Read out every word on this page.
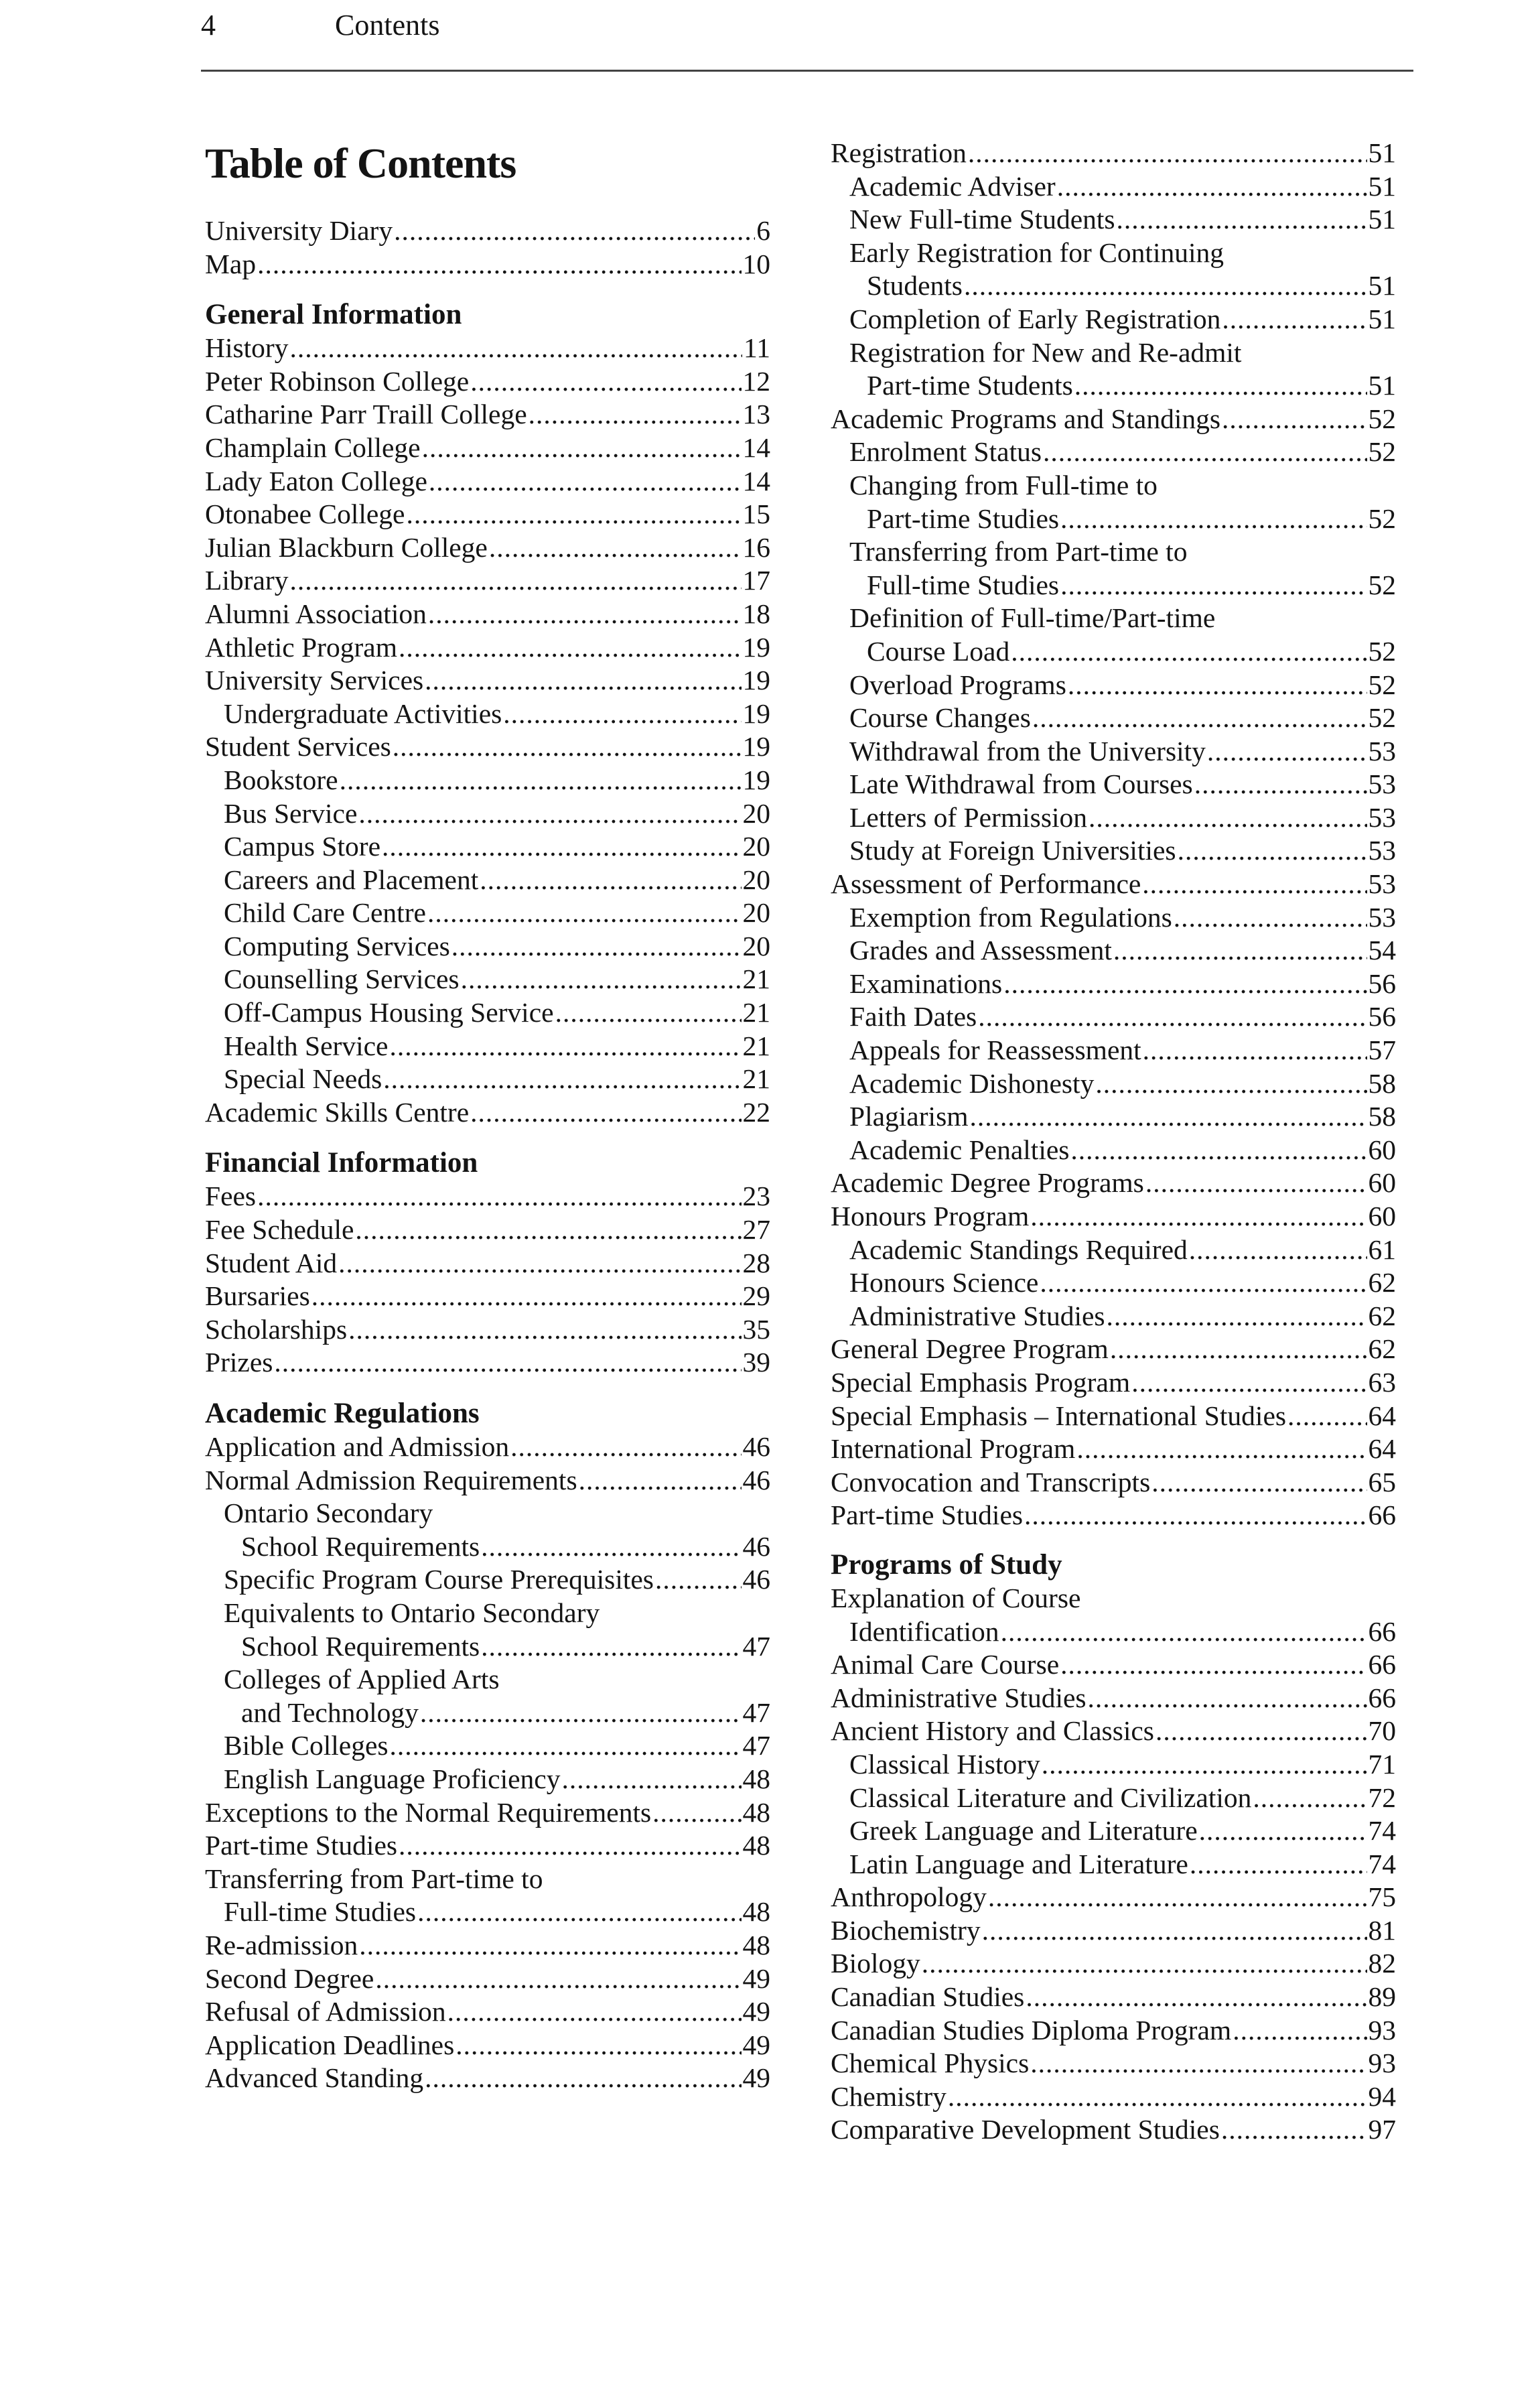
4	Contents
Table of Contents
University Diary .....	6
Map .....	10
General Information
History .....	11
Peter Robinson College .....	12
Catharine Parr Traill College .....	13
Champlain College .....	14
Lady Eaton College .....	14
Otonabee College .....	15
Julian Blackburn College .....	16
Library .....	17
Alumni Association .....	18
Athletic Program .....	19
University Services .....	19
Undergraduate Activities .....	19
Student Services .....	19
Bookstore .....	19
Bus Service .....	20
Campus Store .....	20
Careers and Placement .....	20
Child Care Centre .....	20
Computing Services .....	20
Counselling Services .....	21
Off-Campus Housing Service .....	21
Health Service .....	21
Special Needs .....	21
Academic Skills Centre .....	22
Financial Information
Fees .....	23
Fee Schedule .....	27
Student Aid .....	28
Bursaries .....	29
Scholarships .....	35
Prizes .....	39
Academic Regulations
Application and Admission .....	46
Normal Admission Requirements .....	46
Ontario Secondary
School Requirements .....	46
Specific Program Course Prerequisites .....	46
Equivalents to Ontario Secondary
School Requirements .....	47
Colleges of Applied Arts
and Technology .....	47
Bible Colleges .....	47
English Language Proficiency .....	48
Exceptions to the Normal Requirements .....	48
Part-time Studies .....	48
Transferring from Part-time to
Full-time Studies .....	48
Re-admission .....	48
Second Degree .....	49
Refusal of Admission .....	49
Application Deadlines .....	49
Advanced Standing .....	49
Registration .....	51
Academic Adviser .....	51
New Full-time Students .....	51
Early Registration for Continuing
Students .....	51
Completion of Early Registration .....	51
Registration for New and Re-admit
Part-time Students .....	51
Academic Programs and Standings .....	52
Enrolment Status .....	52
Changing from Full-time to
Part-time Studies .....	52
Transferring from Part-time to
Full-time Studies .....	52
Definition of Full-time/Part-time
Course Load .....	52
Overload Programs .....	52
Course Changes .....	52
Withdrawal from the University .....	53
Late Withdrawal from Courses .....	53
Letters of Permission .....	53
Study at Foreign Universities .....	53
Assessment of Performance .....	53
Exemption from Regulations .....	53
Grades and Assessment .....	54
Examinations .....	56
Faith Dates .....	56
Appeals for Reassessment .....	57
Academic Dishonesty .....	58
Plagiarism .....	58
Academic Penalties .....	60
Academic Degree Programs .....	60
Honours Program .....	60
Academic Standings Required .....	61
Honours Science .....	62
Administrative Studies .....	62
General Degree Program .....	62
Special Emphasis Program .....	63
Special Emphasis – International Studies .....	64
International Program .....	64
Convocation and Transcripts .....	65
Part-time Studies .....	66
Programs of Study
Explanation of Course
Identification .....	66
Animal Care Course .....	66
Administrative Studies .....	66
Ancient History and Classics .....	70
Classical History .....	71
Classical Literature and Civilization .....	72
Greek Language and Literature .....	74
Latin Language and Literature .....	74
Anthropology .....	75
Biochemistry .....	81
Biology .....	82
Canadian Studies .....	89
Canadian Studies Diploma Program .....	93
Chemical Physics .....	93
Chemistry .....	94
Comparative Development Studies .....	97
